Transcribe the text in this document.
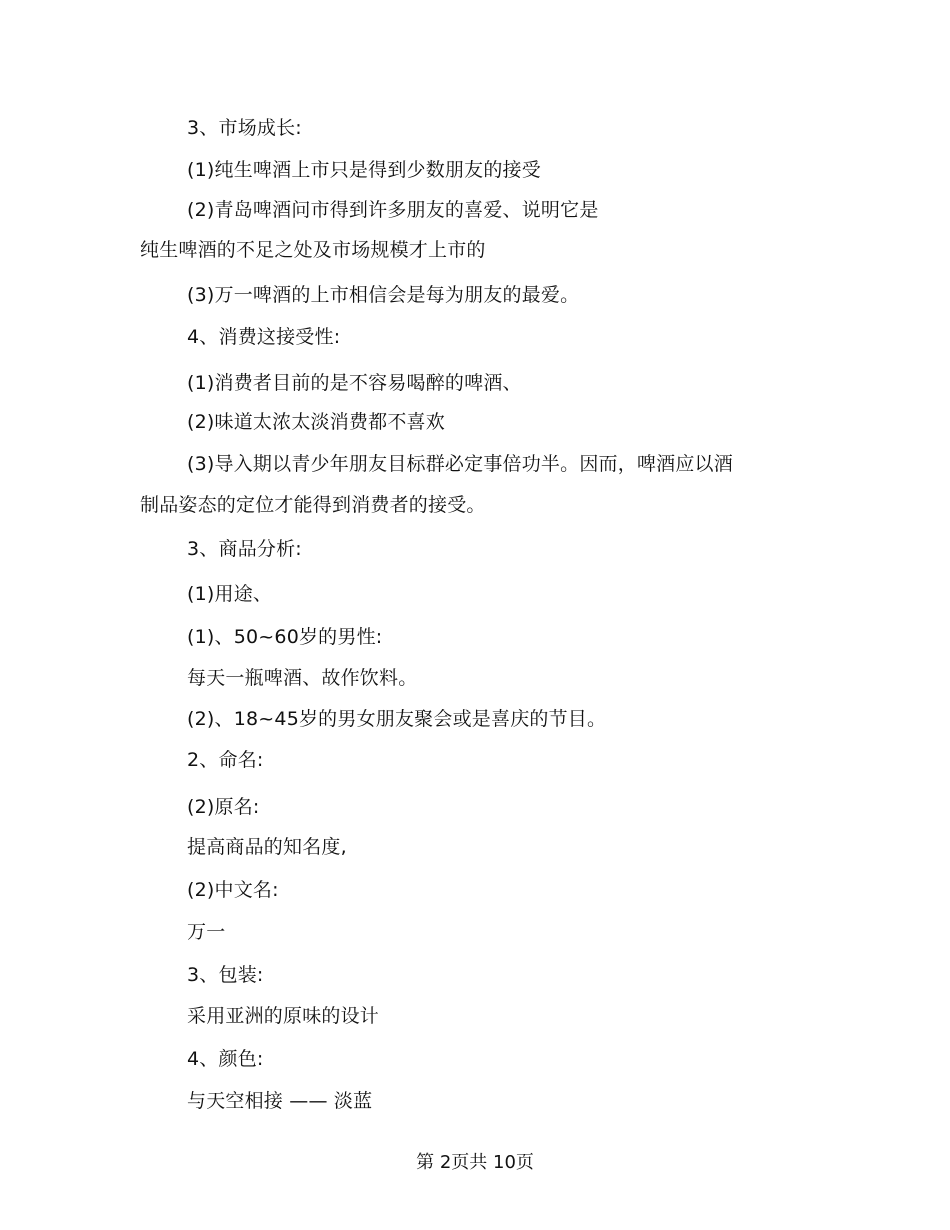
3、市场成长:
(1)纯生啤酒上市只是得到少数朋友的接受
(2)青岛啤酒问市得到许多朋友的喜爱、说明它是
纯生啤酒的不足之处及市场规模才上市的
(3)万一啤酒的上市相信会是每为朋友的最爱。
4、消费这接受性:
(1)消费者目前的是不容易喝醉的啤酒、
(2)味道太浓太淡消费都不喜欢
(3)导入期以青少年朋友目标群必定事倍功半。因而，啤酒应以酒
制品姿态的定位才能得到消费者的接受。
3、商品分析:
(1)用途、
(1)、50~60岁的男性:
每天一瓶啤酒、故作饮料。
(2)、18~45岁的男女朋友聚会或是喜庆的节目。
2、命名:
(2)原名:
提高商品的知名度,
(2)中文名:
万一
3、包装:
采用亚洲的原味的设计
4、颜色:
与天空相接 —— 淡蓝
第 2页共 10页
